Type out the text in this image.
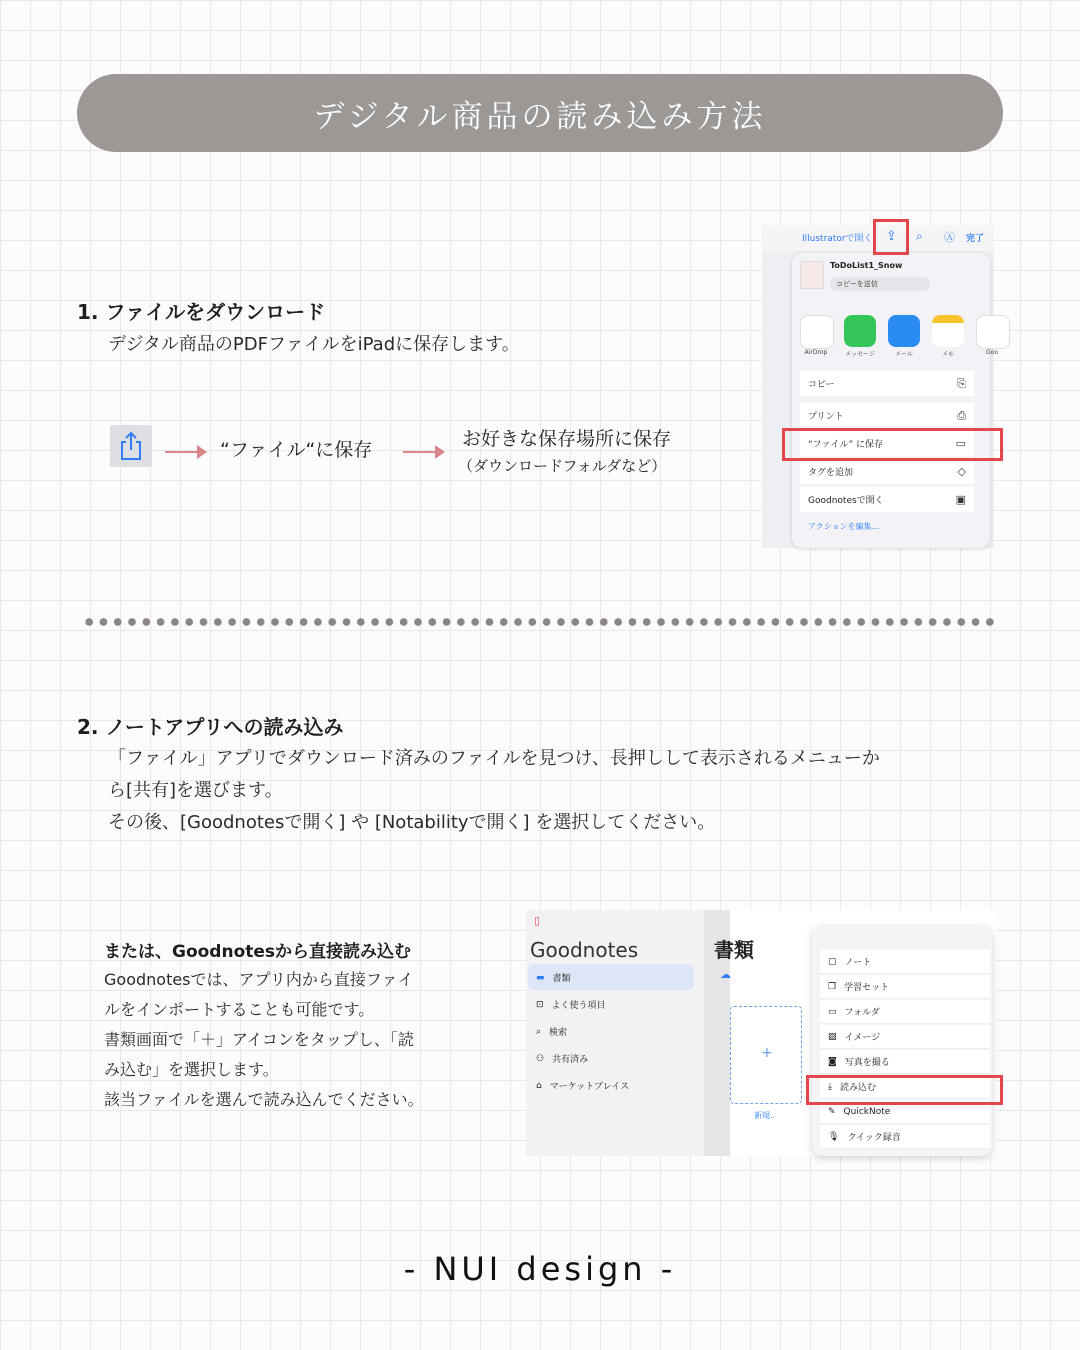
デジタル商品の読み込み方法
1. ファイルをダウンロード
デジタル商品のPDFファイルをiPadに保存します。
“ファイル“に保存	お好きな保存場所に保存
（ダウンロードフォルダなど）
Illustratorで開く ⇪ ⌕ Ⓐ 完了
ToDoList1_Snow
コピーを送信
AirDrop	メッセージ	メール	メモ	Goo
コピー	⎘
プリント	⎙
“ファイル” に保存	▭
タグを追加	◇
Goodnotesで開く	▣
アクションを編集...
2. ノートアプリへの読み込み
「ファイル」アプリでダウンロード済みのファイルを見つけ、長押しして表示されるメニューか
ら[共有]を選びます。
その後、[Goodnotesで開く] や [Notabilityで開く] を選択してください。
または、Goodnotesから直接読み込む
Goodnotesでは、アプリ内から直接ファイ
ルをインポートすることも可能です。
書類画面で「＋」アイコンをタップし、「読
み込む」を選択します。
該当ファイルを選んで読み込んでください。
▯
Goodnotes
▬ 書類
⊡ よく使う項目
⌕ 検索
⚇ 共有済み
⌂ マーケットプレイス
書類
☁
+
新規..
▢ ノート
❐ 学習セット
▭ フォルダ
▨ イメージ
◙ 写真を撮る
⤓ 読み込む
✎ QuickNote
🎙 クイック録音
- NUI design -
